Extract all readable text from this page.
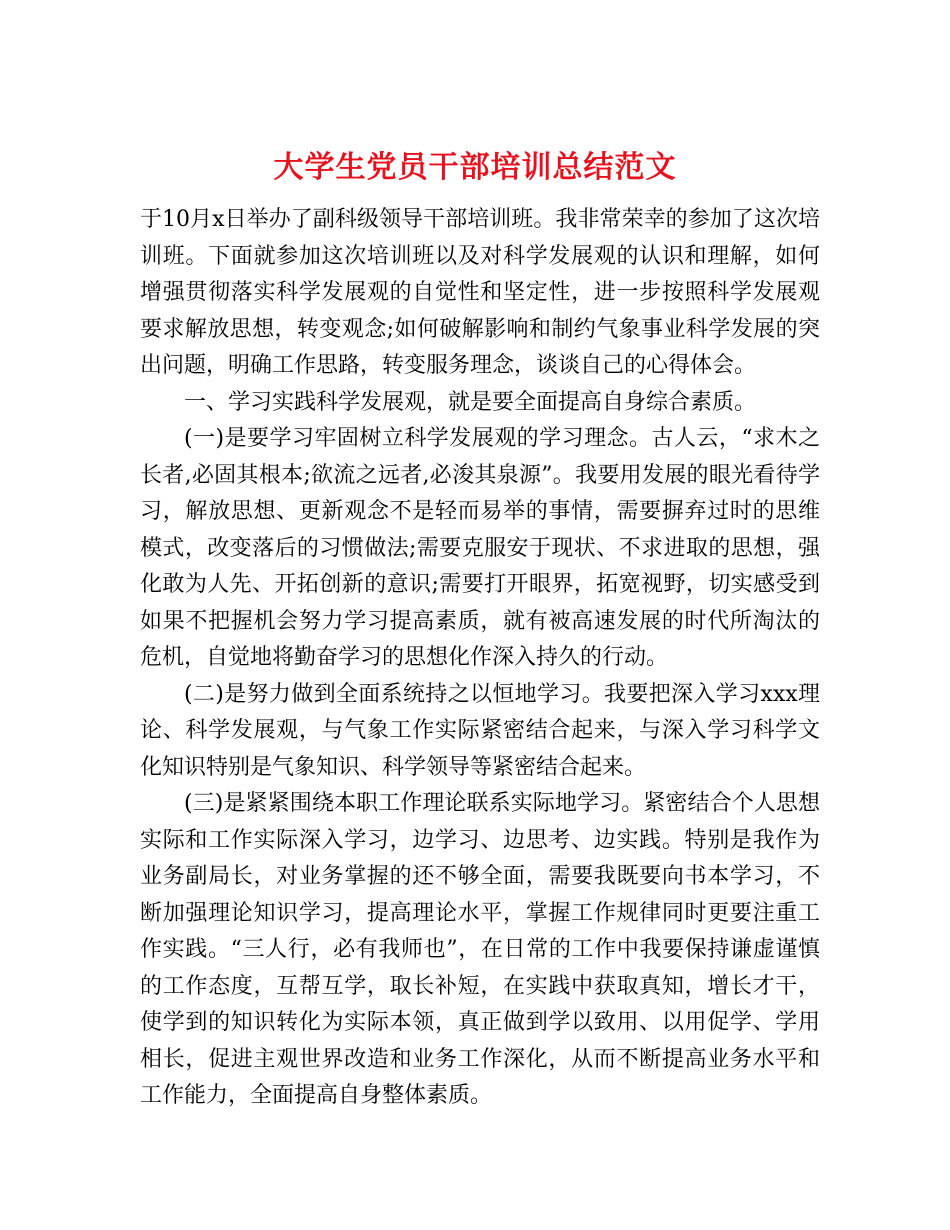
大学生党员干部培训总结范文

于10月x日举办了副科级领导干部培训班。我非常荣幸的参加了这次培训班。下面就参加这次培训班以及对科学发展观的认识和理解，如何增强贯彻落实科学发展观的自觉性和坚定性，进一步按照科学发展观要求解放思想，转变观念;如何破解影响和制约气象事业科学发展的突出问题，明确工作思路，转变服务理念，谈谈自己的心得体会。

一、学习实践科学发展观，就是要全面提高自身综合素质。

(一)是要学习牢固树立科学发展观的学习理念。古人云，“求木之长者,必固其根本;欲流之远者,必浚其泉源”。我要用发展的眼光看待学习，解放思想、更新观念不是轻而易举的事情，需要摒弃过时的思维模式，改变落后的习惯做法;需要克服安于现状、不求进取的思想，强化敢为人先、开拓创新的意识;需要打开眼界，拓宽视野，切实感受到如果不把握机会努力学习提高素质，就有被高速发展的时代所淘汰的危机，自觉地将勤奋学习的思想化作深入持久的行动。

(二)是努力做到全面系统持之以恒地学习。我要把深入学习xxx理论、科学发展观，与气象工作实际紧密结合起来，与深入学习科学文化知识特别是气象知识、科学领导等紧密结合起来。

(三)是紧紧围绕本职工作理论联系实际地学习。紧密结合个人思想实际和工作实际深入学习，边学习、边思考、边实践。特别是我作为业务副局长，对业务掌握的还不够全面，需要我既要向书本学习，不断加强理论知识学习，提高理论水平，掌握工作规律同时更要注重工作实践。“三人行，必有我师也”，在日常的工作中我要保持谦虚谨慎的工作态度，互帮互学，取长补短，在实践中获取真知，增长才干，使学到的知识转化为实际本领，真正做到学以致用、以用促学、学用相长，促进主观世界改造和业务工作深化，从而不断提高业务水平和工作能力，全面提高自身整体素质。
